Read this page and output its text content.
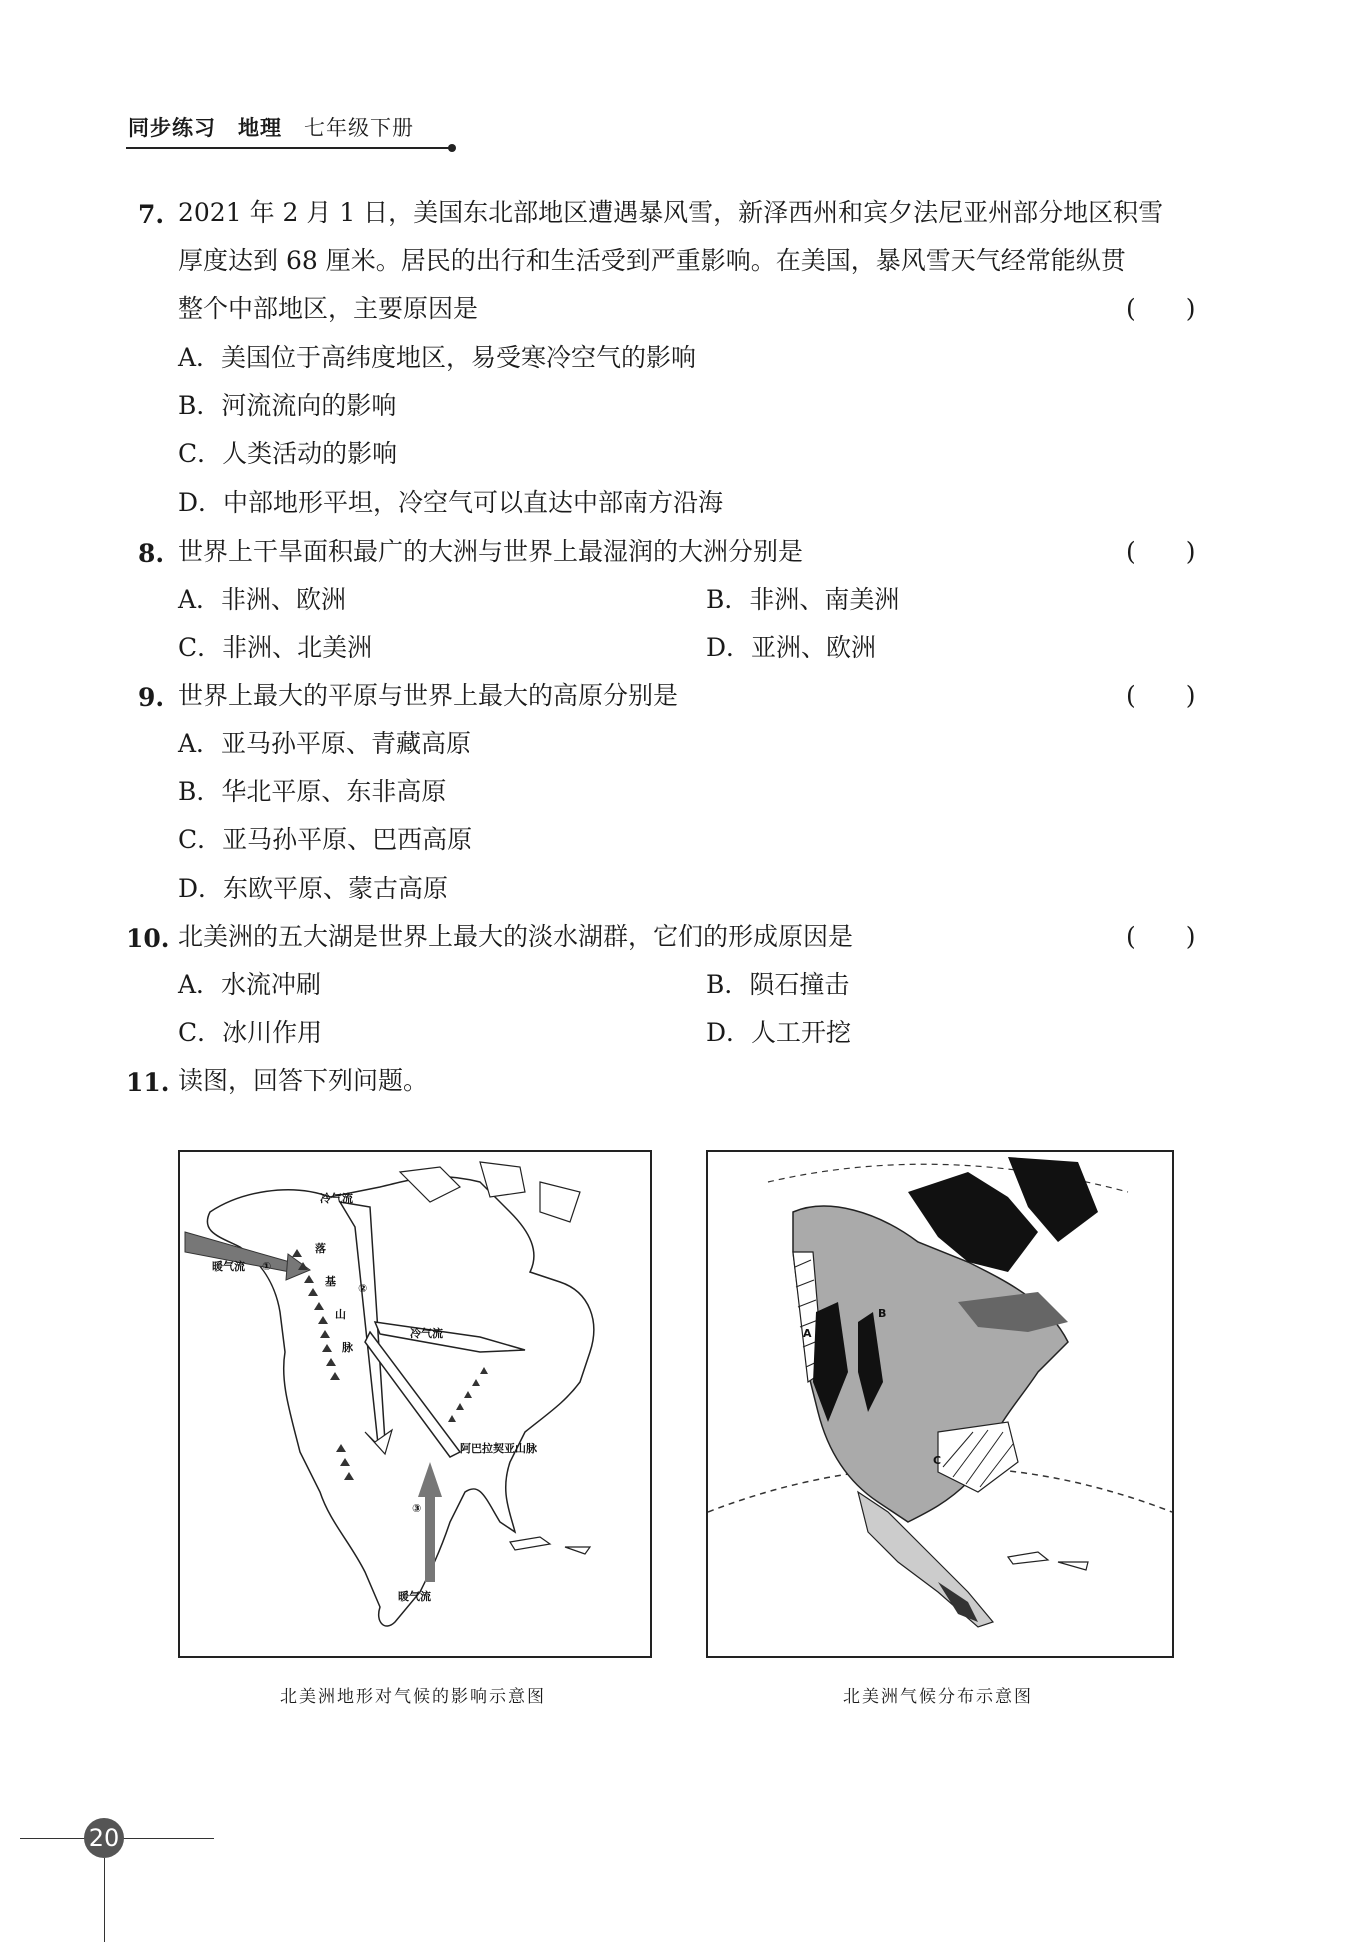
同步练习 地理 七年级下册
7. 2021 年 2 月 1 日，美国东北部地区遭遇暴风雪，新泽西州和宾夕法尼亚州部分地区积雪
厚度达到 68 厘米。居民的出行和生活受到严重影响。在美国，暴风雪天气经常能纵贯
整个中部地区，主要原因是	(　　)
A．美国位于高纬度地区，易受寒冷空气的影响
B．河流流向的影响
C．人类活动的影响
D．中部地形平坦，冷空气可以直达中部南方沿海
8. 世界上干旱面积最广的大洲与世界上最湿润的大洲分别是	(　　)
A．非洲、欧洲	B．非洲、南美洲
C．非洲、北美洲	D．亚洲、欧洲
9. 世界上最大的平原与世界上最大的高原分别是	(　　)
A．亚马孙平原、青藏高原
B．华北平原、东非高原
C．亚马孙平原、巴西高原
D．东欧平原、蒙古高原
10. 北美洲的五大湖是世界上最大的淡水湖群，它们的形成原因是	(　　)
A．水流冲刷	B．陨石撞击
C．冰川作用	D．人工开挖
11. 读图，回答下列问题。
冷气流
暖气流 ①
②
冷气流
阿巴拉契亚山脉
③
暖气流
落
基
山
脉
北美洲地形对气候的影响示意图
A
B
C
北美洲气候分布示意图
20
